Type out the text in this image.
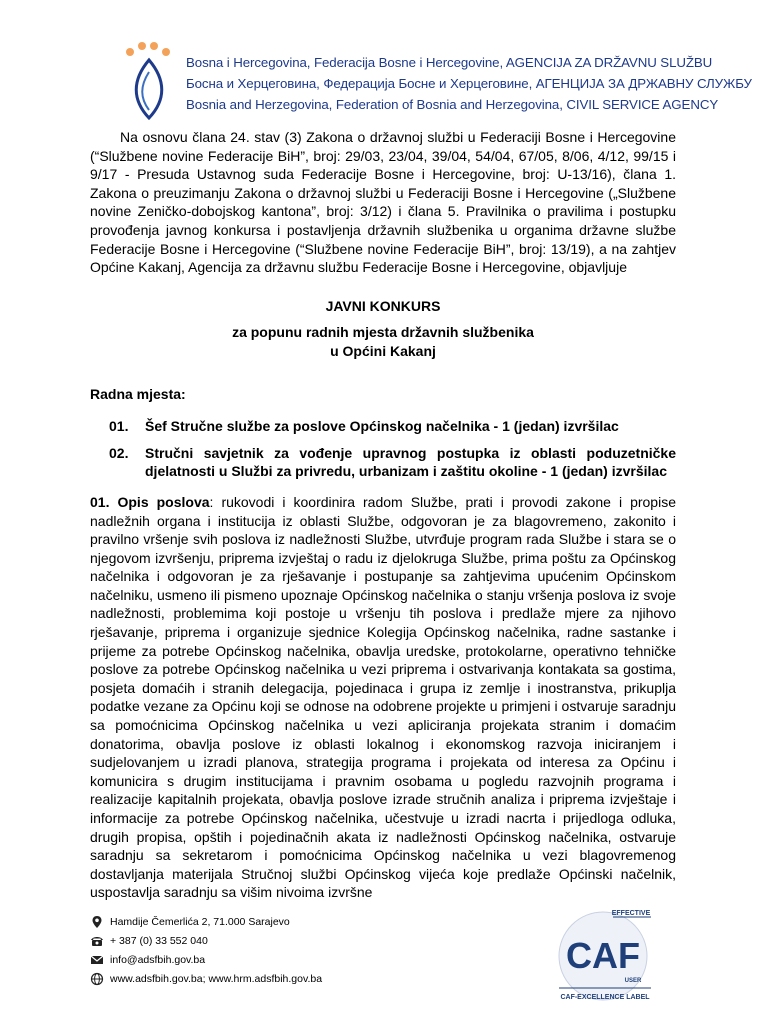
Bosna i Hercegovina, Federacija Bosne i Hercegovine, AGENCIJA ZA DRŽAVNU SLUŽBU
Босна и Херцеговина, Федерација Босне и Херцеговине, АГЕНЦИЈА ЗА ДРЖАВНУ СЛУЖБУ
Bosnia and Herzegovina, Federation of Bosnia and Herzegovina, CIVIL SERVICE AGENCY

Na osnovu člana 24. stav (3) Zakona o državnoj službi u Federaciji Bosne i Hercegovine (“Službene novine Federacije BiH”, broj: 29/03, 23/04, 39/04, 54/04, 67/05, 8/06, 4/12, 99/15 i 9/17 - Presuda Ustavnog suda Federacije Bosne i Hercegovine, broj: U-13/16), člana 1. Zakona o preuzimanju Zakona o državnoj službi u Federaciji Bosne i Hercegovine („Službene novine Zeničko-dobojskog kantona”, broj: 3/12) i člana 5. Pravilnika o pravilima i postupku provođenja javnog konkursa i postavljenja državnih službenika u organima državne službe Federacije Bosne i Hercegovine (“Službene novine Federacije BiH”, broj: 13/19), a na zahtjev Općine Kakanj, Agencija za državnu službu Federacije Bosne i Hercegovine, objavljuje

JAVNI KONKURS

za popunu radnih mjesta državnih službenika

u Općini Kakanj

Radna mjesta:

01.	Šef Stručne službe za poslove Općinskog načelnika - 1 (jedan) izvršilac
02.	Stručni savjetnik za vođenje upravnog postupka iz oblasti poduzetničke djelatnosti u Službi za privredu, urbanizam i zaštitu okoline - 1 (jedan) izvršilac

01. Opis poslova: rukovodi i koordinira radom Službe, prati i provodi zakone i propise nadležnih organa i institucija iz oblasti Službe, odgovoran je za blagovremeno, zakonito i pravilno vršenje svih poslova iz nadležnosti Službe, utvrđuje program rada Službe i stara se o njegovom izvršenju, priprema izvještaj o radu iz djelokruga Službe, prima poštu za Općinskog načelnika i odgovoran je za rješavanje i postupanje sa zahtjevima upućenim Općinskom načelniku, usmeno ili pismeno upoznaje Općinskog načelnika o stanju vršenja poslova iz svoje nadležnosti, problemima koji postoje u vršenju tih poslova i predlaže mjere za njihovo rješavanje, priprema i organizuje sjednice Kolegija Općinskog načelnika, radne sastanke i prijeme za potrebe Općinskog načelnika, obavlja uredske, protokolarne, operativno tehničke poslove za potrebe Općinskog načelnika u vezi priprema i ostvarivanja kontakata sa gostima, posjeta domaćih i stranih delegacija, pojedinaca i grupa iz zemlje i inostranstva, prikuplja podatke vezane za Općinu koji se odnose na odobrene projekte u primjeni i ostvaruje saradnju sa pomoćnicima Općinskog načelnika u vezi apliciranja projekata stranim i domaćim donatorima, obavlja poslove iz oblasti lokalnog i ekonomskog razvoja iniciranjem i sudjelovanjem u izradi planova, strategija programa i projekata od interesa za Općinu i komunicira s drugim institucijama i pravnim osobama u pogledu razvojnih programa i realizacije kapitalnih projekata, obavlja poslove izrade stručnih analiza i priprema izvještaje i informacije za potrebe Općinskog načelnika, učestvuje u izradi nacrta i prijedloga odluka, drugih propisa, opštih i pojedinačnih akata iz nadležnosti Općinskog načelnika, ostvaruje saradnju sa sekretarom i pomoćnicima Općinskog načelnika u vezi blagovremenog dostavljanja materijala Stručnoj službi Općinskog vijeća koje predlaže Općinski načelnik, uspostavlja saradnju sa višim nivoima izvršne

Hamdije Čemerlića 2, 71.000 Sarajevo
+ 387 (0) 33 552 040
info@adsfbih.gov.ba
www.adsfbih.gov.ba; www.hrm.adsfbih.gov.ba
EFFECTIVE
CAF
USER
CAF-EXCELLENCE LABEL
